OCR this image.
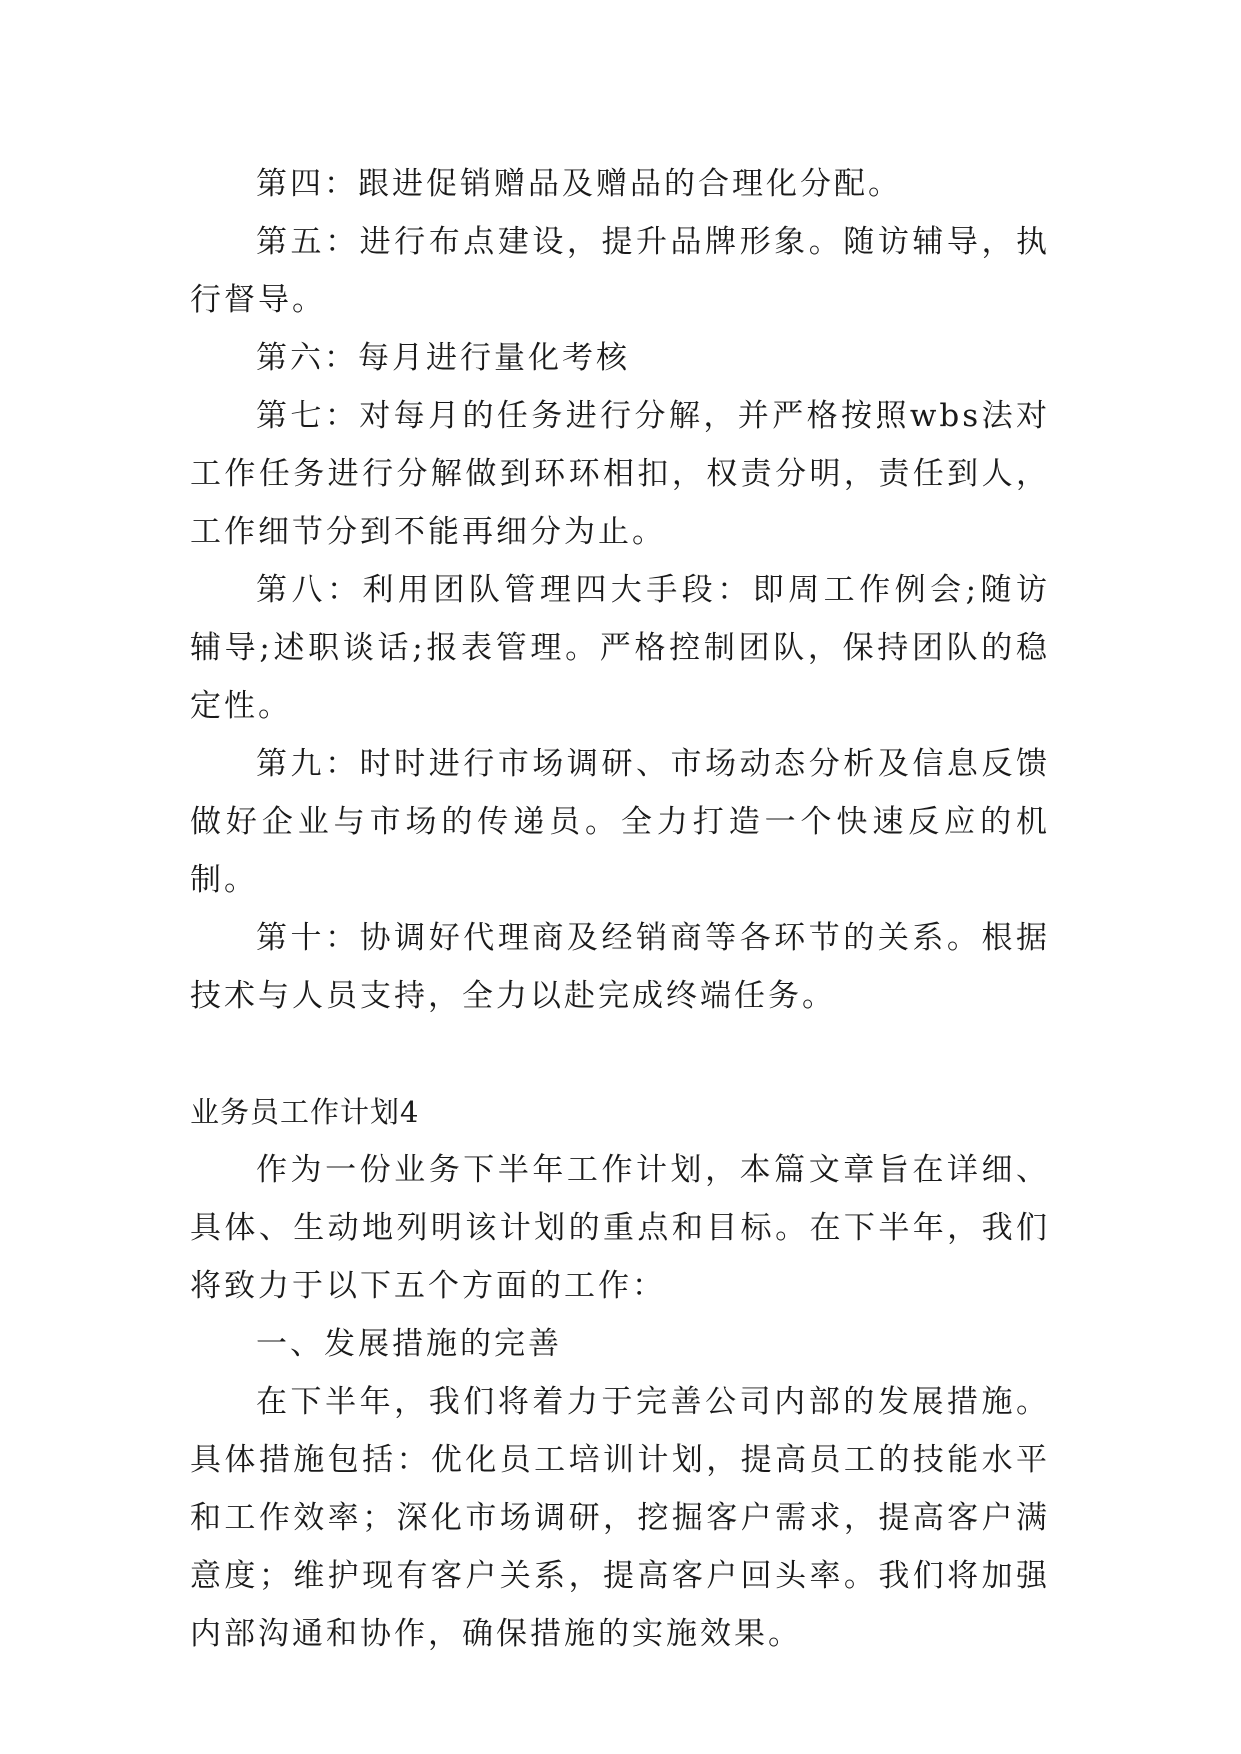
第四：跟进促销赠品及赠品的合理化分配。

第五：进行布点建设，提升品牌形象。随访辅导，执行督导。

第六：每月进行量化考核

第七：对每月的任务进行分解，并严格按照wbs法对工作任务进行分解做到环环相扣，权责分明，责任到人，工作细节分到不能再细分为止。

第八：利用团队管理四大手段：即周工作例会;随访辅导;述职谈话;报表管理。严格控制团队，保持团队的稳定性。

第九：时时进行市场调研、市场动态分析及信息反馈做好企业与市场的传递员。全力打造一个快速反应的机制。

第十：协调好代理商及经销商等各环节的关系。根据技术与人员支持，全力以赴完成终端任务。

业务员工作计划4

作为一份业务下半年工作计划，本篇文章旨在详细、具体、生动地列明该计划的重点和目标。在下半年，我们将致力于以下五个方面的工作：

一、发展措施的完善

在下半年，我们将着力于完善公司内部的发展措施。具体措施包括：优化员工培训计划，提高员工的技能水平和工作效率；深化市场调研，挖掘客户需求，提高客户满意度；维护现有客户关系，提高客户回头率。我们将加强内部沟通和协作，确保措施的实施效果。
